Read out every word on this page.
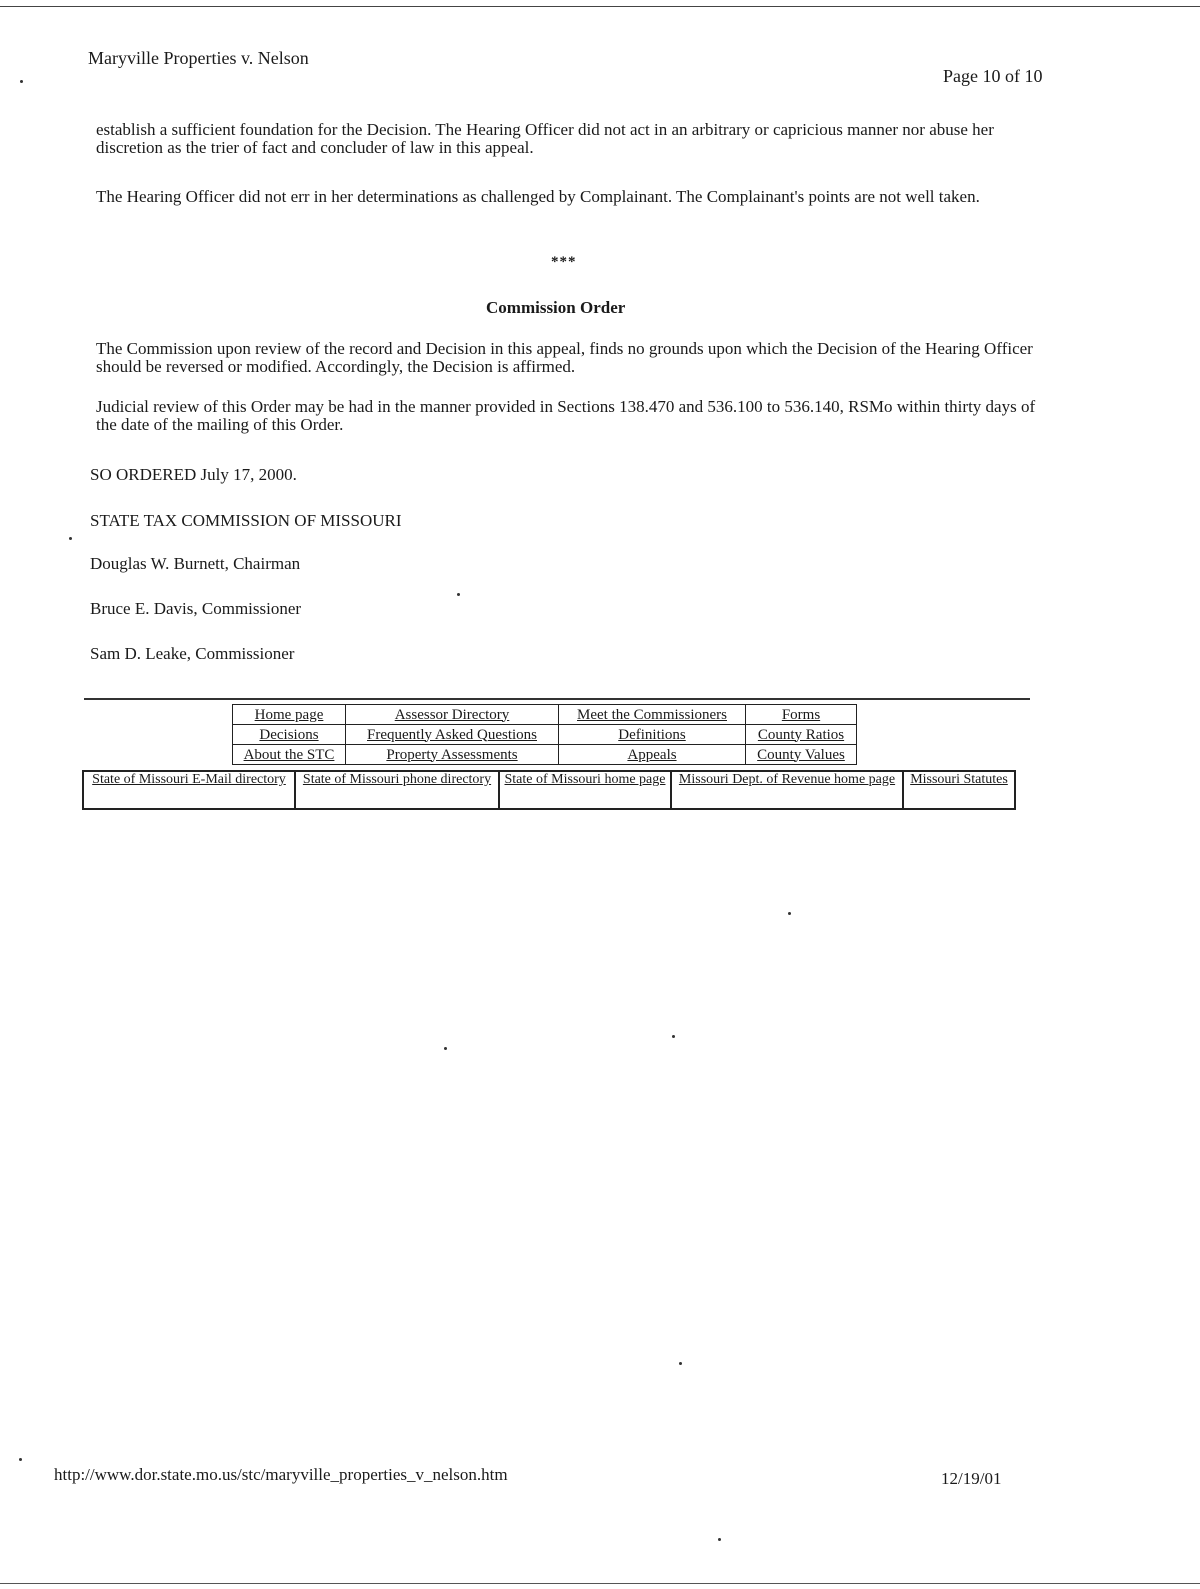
Maryville Properties v. Nelson
Page 10 of 10
establish a sufficient foundation for the Decision. The Hearing Officer did not act in an arbitrary or capricious manner nor abuse her discretion as the trier of fact and concluder of law in this appeal.
The Hearing Officer did not err in her determinations as challenged by Complainant. The Complainant's points are not well taken.
***
Commission Order
The Commission upon review of the record and Decision in this appeal, finds no grounds upon which the Decision of the Hearing Officer should be reversed or modified. Accordingly, the Decision is affirmed.
Judicial review of this Order may be had in the manner provided in Sections 138.470 and 536.100 to 536.140, RSMo within thirty days of the date of the mailing of this Order.
SO ORDERED July 17, 2000.
STATE TAX COMMISSION OF MISSOURI
Douglas W. Burnett, Chairman
Bruce E. Davis, Commissioner
Sam D. Leake, Commissioner
Home page	Assessor Directory	Meet the Commissioners	Forms
Decisions	Frequently Asked Questions	Definitions	County Ratios
About the STC	Property Assessments	Appeals	County Values
State of Missouri E-Mail directory	State of Missouri phone directory	State of Missouri home page	Missouri Dept. of Revenue home page	Missouri Statutes
http://www.dor.state.mo.us/stc/maryville_properties_v_nelson.htm	12/19/01
